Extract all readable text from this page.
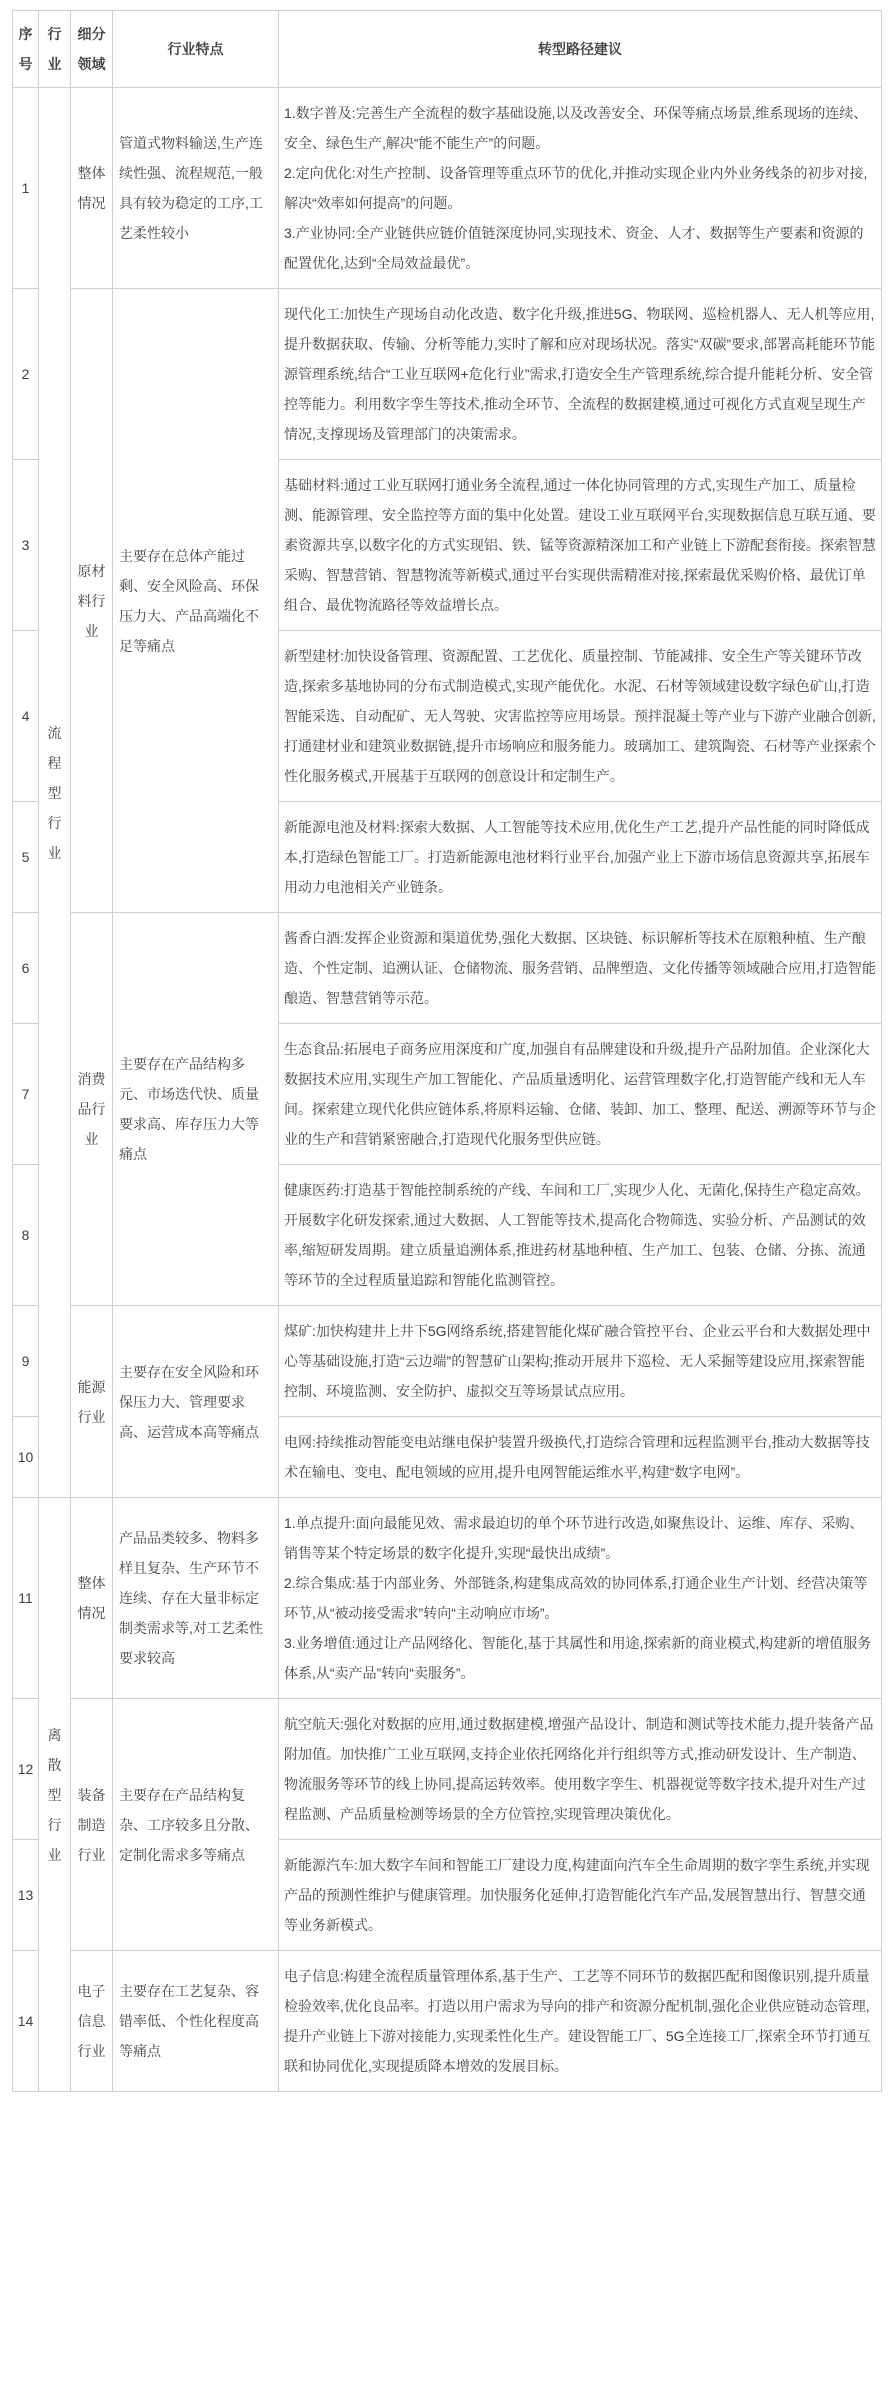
序号	行业	细分领域	行业特点	转型路径建议
1	流程型行业	整体情况	管道式物料输送,生产连续性强、流程规范,一般具有较为稳定的工序,工艺柔性较小	1.数字普及:完善生产全流程的数字基础设施,以及改善安全、环保等痛点场景,维系现场的连续、安全、绿色生产,解决“能不能生产”的问题。
2.定向优化:对生产控制、设备管理等重点环节的优化,并推动实现企业内外业务线条的初步对接,解决“效率如何提高”的问题。
3.产业协同:全产业链供应链价值链深度协同,实现技术、资金、人才、数据等生产要素和资源的配置优化,达到“全局效益最优”。
2		原材料行业	主要存在总体产能过剩、安全风险高、环保压力大、产品高端化不足等痛点	现代化工:加快生产现场自动化改造、数字化升级,推进5G、物联网、巡检机器人、无人机等应用,提升数据获取、传输、分析等能力,实时了解和应对现场状况。落实“双碳”要求,部署高耗能环节能源管理系统,结合“工业互联网+危化行业”需求,打造安全生产管理系统,综合提升能耗分析、安全管控等能力。利用数字孪生等技术,推动全环节、全流程的数据建模,通过可视化方式直观呈现生产情况,支撑现场及管理部门的决策需求。
3				基础材料:通过工业互联网打通业务全流程,通过一体化协同管理的方式,实现生产加工、质量检测、能源管理、安全监控等方面的集中化处置。建设工业互联网平台,实现数据信息互联互通、要素资源共享,以数字化的方式实现铝、铁、锰等资源精深加工和产业链上下游配套衔接。探索智慧采购、智慧营销、智慧物流等新模式,通过平台实现供需精准对接,探索最优采购价格、最优订单组合、最优物流路径等效益增长点。
4				新型建材:加快设备管理、资源配置、工艺优化、质量控制、节能减排、安全生产等关键环节改造,探索多基地协同的分布式制造模式,实现产能优化。水泥、石材等领域建设数字绿色矿山,打造智能采选、自动配矿、无人驾驶、灾害监控等应用场景。预拌混凝土等产业与下游产业融合创新,打通建材业和建筑业数据链,提升市场响应和服务能力。玻璃加工、建筑陶瓷、石材等产业探索个性化服务模式,开展基于互联网的创意设计和定制生产。
5				新能源电池及材料:探索大数据、人工智能等技术应用,优化生产工艺,提升产品性能的同时降低成本,打造绿色智能工厂。打造新能源电池材料行业平台,加强产业上下游市场信息资源共享,拓展车用动力电池相关产业链条。
6		消费品行业	主要存在产品结构多元、市场迭代快、质量要求高、库存压力大等痛点	酱香白酒:发挥企业资源和渠道优势,强化大数据、区块链、标识解析等技术在原粮种植、生产酿造、个性定制、追溯认证、仓储物流、服务营销、品牌塑造、文化传播等领域融合应用,打造智能酿造、智慧营销等示范。
7				生态食品:拓展电子商务应用深度和广度,加强自有品牌建设和升级,提升产品附加值。企业深化大数据技术应用,实现生产加工智能化、产品质量透明化、运营管理数字化,打造智能产线和无人车间。探索建立现代化供应链体系,将原料运输、仓储、装卸、加工、整理、配送、溯源等环节与企业的生产和营销紧密融合,打造现代化服务型供应链。
8				健康医药:打造基于智能控制系统的产线、车间和工厂,实现少人化、无菌化,保持生产稳定高效。开展数字化研发探索,通过大数据、人工智能等技术,提高化合物筛选、实验分析、产品测试的效率,缩短研发周期。建立质量追溯体系,推进药材基地种植、生产加工、包装、仓储、分拣、流通等环节的全过程质量追踪和智能化监测管控。
9		能源行业	主要存在安全风险和环保压力大、管理要求高、运营成本高等痛点	煤矿:加快构建井上井下5G网络系统,搭建智能化煤矿融合管控平台、企业云平台和大数据处理中心等基础设施,打造“云边端”的智慧矿山架构;推动开展井下巡检、无人采掘等建设应用,探索智能控制、环境监测、安全防护、虚拟交互等场景试点应用。
10				电网:持续推动智能变电站继电保护装置升级换代,打造综合管理和远程监测平台,推动大数据等技术在输电、变电、配电领域的应用,提升电网智能运维水平,构建“数字电网”。
11	离散型行业	整体情况	产品品类较多、物料多样且复杂、生产环节不连续、存在大量非标定制类需求等,对工艺柔性要求较高	1.单点提升:面向最能见效、需求最迫切的单个环节进行改造,如聚焦设计、运维、库存、采购、销售等某个特定场景的数字化提升,实现“最快出成绩”。
2.综合集成:基于内部业务、外部链条,构建集成高效的协同体系,打通企业生产计划、经营决策等环节,从“被动接受需求”转向“主动响应市场”。
3.业务增值:通过让产品网络化、智能化,基于其属性和用途,探索新的商业模式,构建新的增值服务体系,从“卖产品”转向“卖服务”。
12		装备制造行业	主要存在产品结构复杂、工序较多且分散、定制化需求多等痛点	航空航天:强化对数据的应用,通过数据建模,增强产品设计、制造和测试等技术能力,提升装备产品附加值。加快推广工业互联网,支持企业依托网络化并行组织等方式,推动研发设计、生产制造、物流服务等环节的线上协同,提高运转效率。使用数字孪生、机器视觉等数字技术,提升对生产过程监测、产品质量检测等场景的全方位管控,实现管理决策优化。
13				新能源汽车:加大数字车间和智能工厂建设力度,构建面向汽车全生命周期的数字孪生系统,并实现产品的预测性维护与健康管理。加快服务化延伸,打造智能化汽车产品,发展智慧出行、智慧交通等业务新模式。
14		电子信息行业	主要存在工艺复杂、容错率低、个性化程度高等痛点	电子信息:构建全流程质量管理体系,基于生产、工艺等不同环节的数据匹配和图像识别,提升质量检验效率,优化良品率。打造以用户需求为导向的排产和资源分配机制,强化企业供应链动态管理,提升产业链上下游对接能力,实现柔性化生产。建设智能工厂、5G全连接工厂,探索全环节打通互联和协同优化,实现提质降本增效的发展目标。
